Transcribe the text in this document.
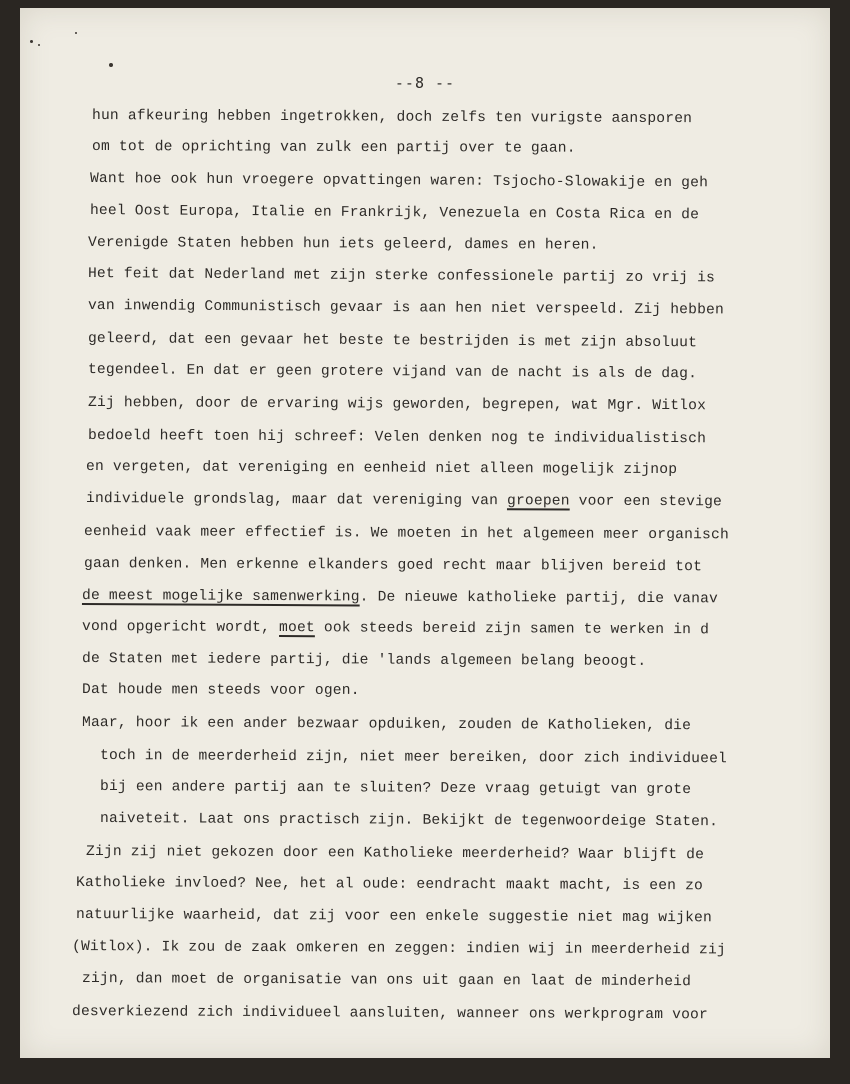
--8 --
hun afkeuring hebben ingetrokken, doch zelfs ten vurigste aansporen
om tot de oprichting van zulk een partij over te gaan.
Want hoe ook hun vroegere opvattingen waren: Tsjocho-Slowakije en geh
heel Oost Europa, Italie en Frankrijk, Venezuela en Costa Rica en de
Verenigde Staten hebben hun iets geleerd, dames en heren.
Het feit dat Nederland met zijn sterke confessionele partij zo vrij is
van inwendig Communistisch gevaar is aan hen niet verspeeld. Zij hebben
geleerd, dat een gevaar het beste te bestrijden is met zijn absoluut
tegendeel. En dat er geen grotere vijand van de nacht is als de dag.
Zij hebben, door de ervaring wijs geworden, begrepen, wat Mgr. Witlox
bedoeld heeft toen hij schreef: Velen denken nog te individualistisch
en vergeten, dat vereniging en eenheid niet alleen mogelijk zijnop
individuele grondslag, maar dat vereniging van groepen voor een stevige
eenheid vaak meer effectief is. We moeten in het algemeen meer organisch
gaan denken. Men erkenne elkanders goed recht maar blijven bereid tot
de meest mogelijke samenwerking. De nieuwe katholieke partij, die vanav
vond opgericht wordt, moet ook steeds bereid zijn samen te werken in d
de Staten met iedere partij, die 'lands algemeen belang beoogt.
Dat houde men steeds voor ogen.
Maar, hoor ik een ander bezwaar opduiken, zouden de Katholieken, die
toch in de meerderheid zijn, niet meer bereiken, door zich individueel
bij een andere partij aan te sluiten? Deze vraag getuigt van grote
naiveteit. Laat ons practisch zijn. Bekijkt de tegenwoordeige Staten.
Zijn zij niet gekozen door een Katholieke meerderheid? Waar blijft de
Katholieke invloed? Nee, het al oude: eendracht maakt macht, is een zo
natuurlijke waarheid, dat zij voor een enkele suggestie niet mag wijken
(Witlox). Ik zou de zaak omkeren en zeggen: indien wij in meerderheid zij
zijn, dan moet de organisatie van ons uit gaan en laat de minderheid
desverkiezend zich individueel aansluiten, wanneer ons werkprogram voor
